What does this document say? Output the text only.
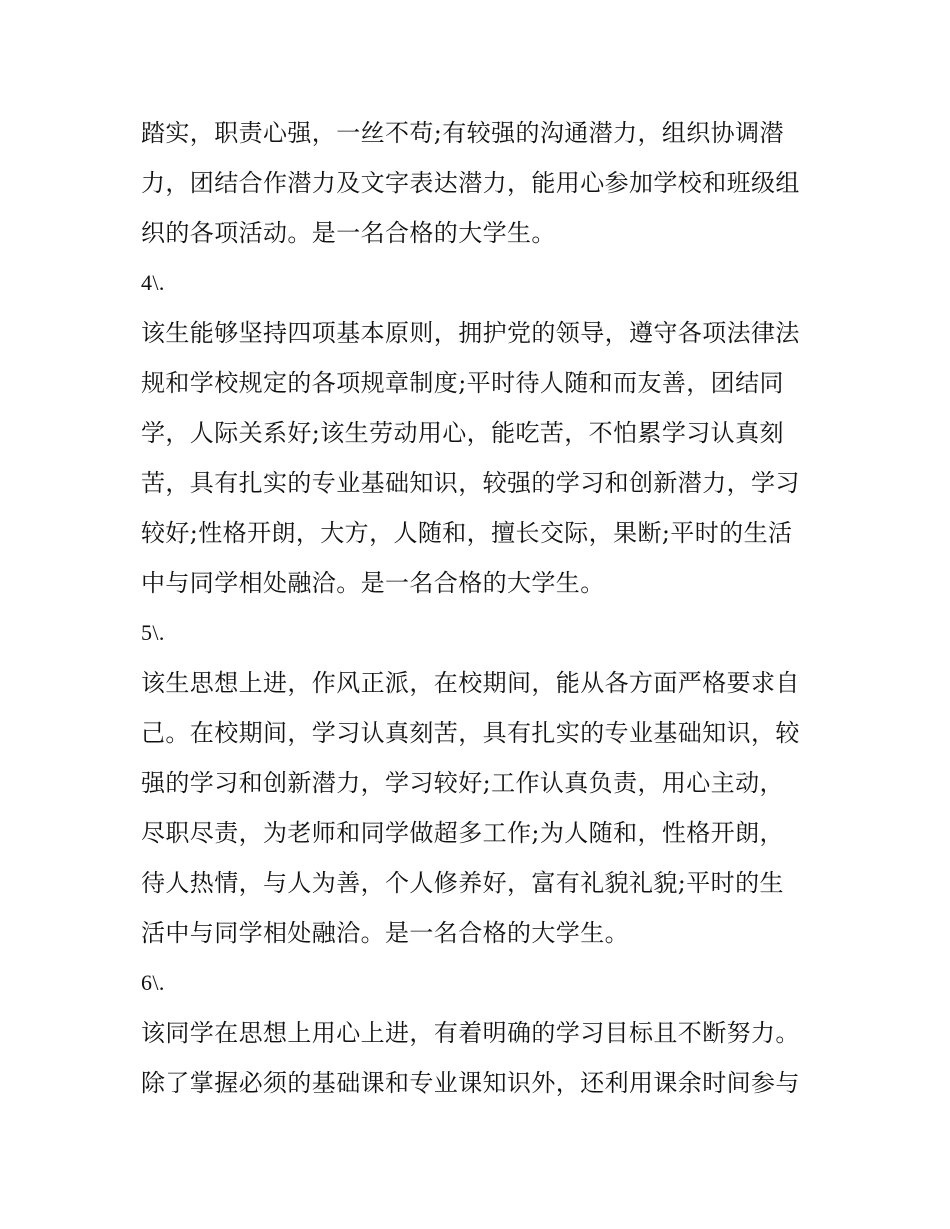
踏实，职责心强，一丝不苟;有较强的沟通潜力，组织协调潜
力，团结合作潜力及文字表达潜力，能用心参加学校和班级组
织的各项活动。是一名合格的大学生。
4\.
该生能够坚持四项基本原则，拥护党的领导，遵守各项法律法
规和学校规定的各项规章制度;平时待人随和而友善，团结同
学，人际关系好;该生劳动用心，能吃苦，不怕累学习认真刻
苦，具有扎实的专业基础知识，较强的学习和创新潜力，学习
较好;性格开朗，大方，人随和，擅长交际，果断;平时的生活
中与同学相处融洽。是一名合格的大学生。
5\.
该生思想上进，作风正派，在校期间，能从各方面严格要求自
己。在校期间，学习认真刻苦，具有扎实的专业基础知识，较
强的学习和创新潜力，学习较好;工作认真负责，用心主动，
尽职尽责，为老师和同学做超多工作;为人随和，性格开朗，
待人热情，与人为善，个人修养好，富有礼貌礼貌;平时的生
活中与同学相处融洽。是一名合格的大学生。
6\.
该同学在思想上用心上进，有着明确的学习目标且不断努力。
除了掌握必须的基础课和专业课知识外，还利用课余时间参与
